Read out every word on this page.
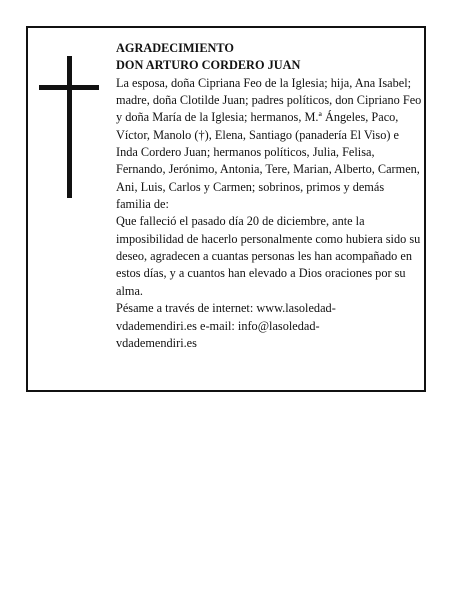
AGRADECIMIENTO

DON ARTURO CORDERO JUAN

La esposa, doña Cipriana Feo de la Iglesia; hija, Ana Isabel; madre, doña Clotilde Juan; padres políticos, don Cipriano Feo y doña María de la Iglesia; hermanos, M.ª Ángeles, Paco, Víctor, Manolo (†), Elena, Santiago (panadería El Viso) e Inda Cordero Juan; hermanos políticos, Julia, Felisa, Fernando, Jerónimo, Antonia, Tere, Marian, Alberto, Carmen, Ani, Luis, Carlos y Carmen; sobrinos, primos y demás familia de:

Que falleció el pasado día 20 de diciembre, ante la imposibilidad de hacerlo personalmente como hubiera sido su deseo, agradecen a cuantas personas les han acompañado en estos días, y a cuantos han elevado a Dios oraciones por su alma.

Pésame a través de internet: www.lasoledad-

vdademendiri.es e-mail: info@lasoledad-

vdademendiri.es
